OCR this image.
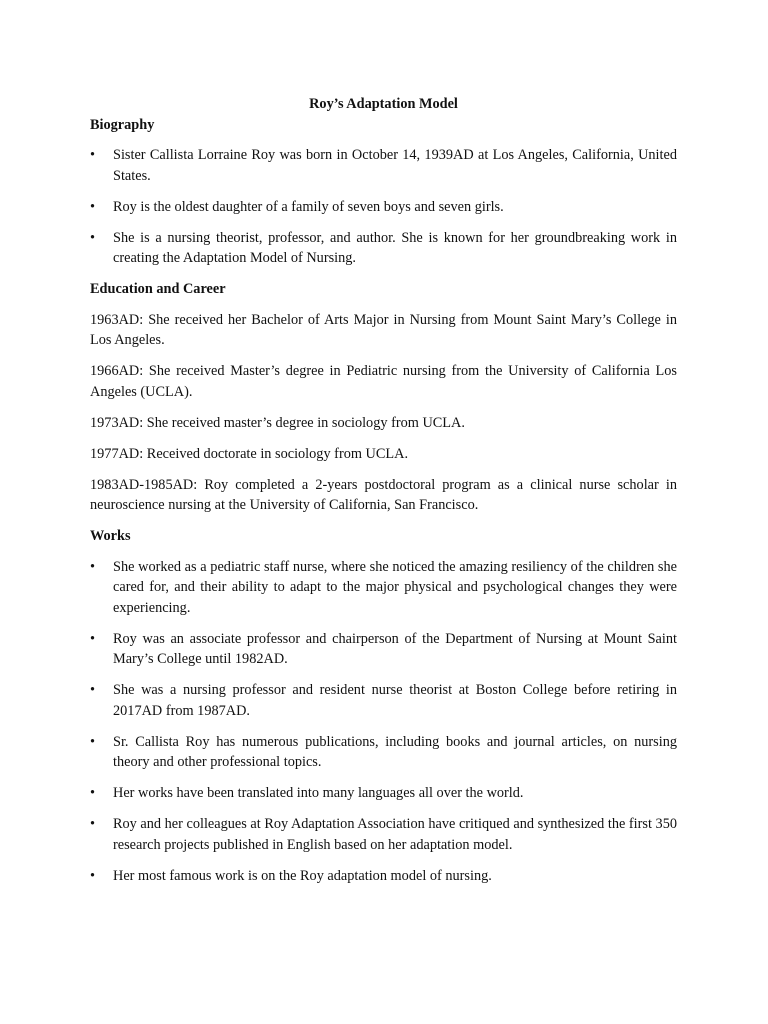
Roy’s Adaptation Model
Biography
• Sister Callista Lorraine Roy was born in October 14, 1939AD at Los Angeles, California, United States.
• Roy is the oldest daughter of a family of seven boys and seven girls.
• She is a nursing theorist, professor, and author. She is known for her groundbreaking work in creating the Adaptation Model of Nursing.
Education and Career

1963AD: She received her Bachelor of Arts Major in Nursing from Mount Saint Mary’s College in Los Angeles.

1966AD: She received Master’s degree in Pediatric nursing from the University of California Los Angeles (UCLA).

1973AD: She received master’s degree in sociology from UCLA.

1977AD: Received doctorate in sociology from UCLA.

1983AD-1985AD: Roy completed a 2-years postdoctoral program as a clinical nurse scholar in neuroscience nursing at the University of California, San Francisco.

Works
• She worked as a pediatric staff nurse, where she noticed the amazing resiliency of the children she cared for, and their ability to adapt to the major physical and psychological changes they were experiencing.
• Roy was an associate professor and chairperson of the Department of Nursing at Mount Saint Mary’s College until 1982AD.
• She was a nursing professor and resident nurse theorist at Boston College before retiring in 2017AD from 1987AD.
• Sr. Callista Roy has numerous publications, including books and journal articles, on nursing theory and other professional topics.
• Her works have been translated into many languages all over the world.
• Roy and her colleagues at Roy Adaptation Association have critiqued and synthesized the first 350 research projects published in English based on her adaptation model.
• Her most famous work is on the Roy adaptation model of nursing.
